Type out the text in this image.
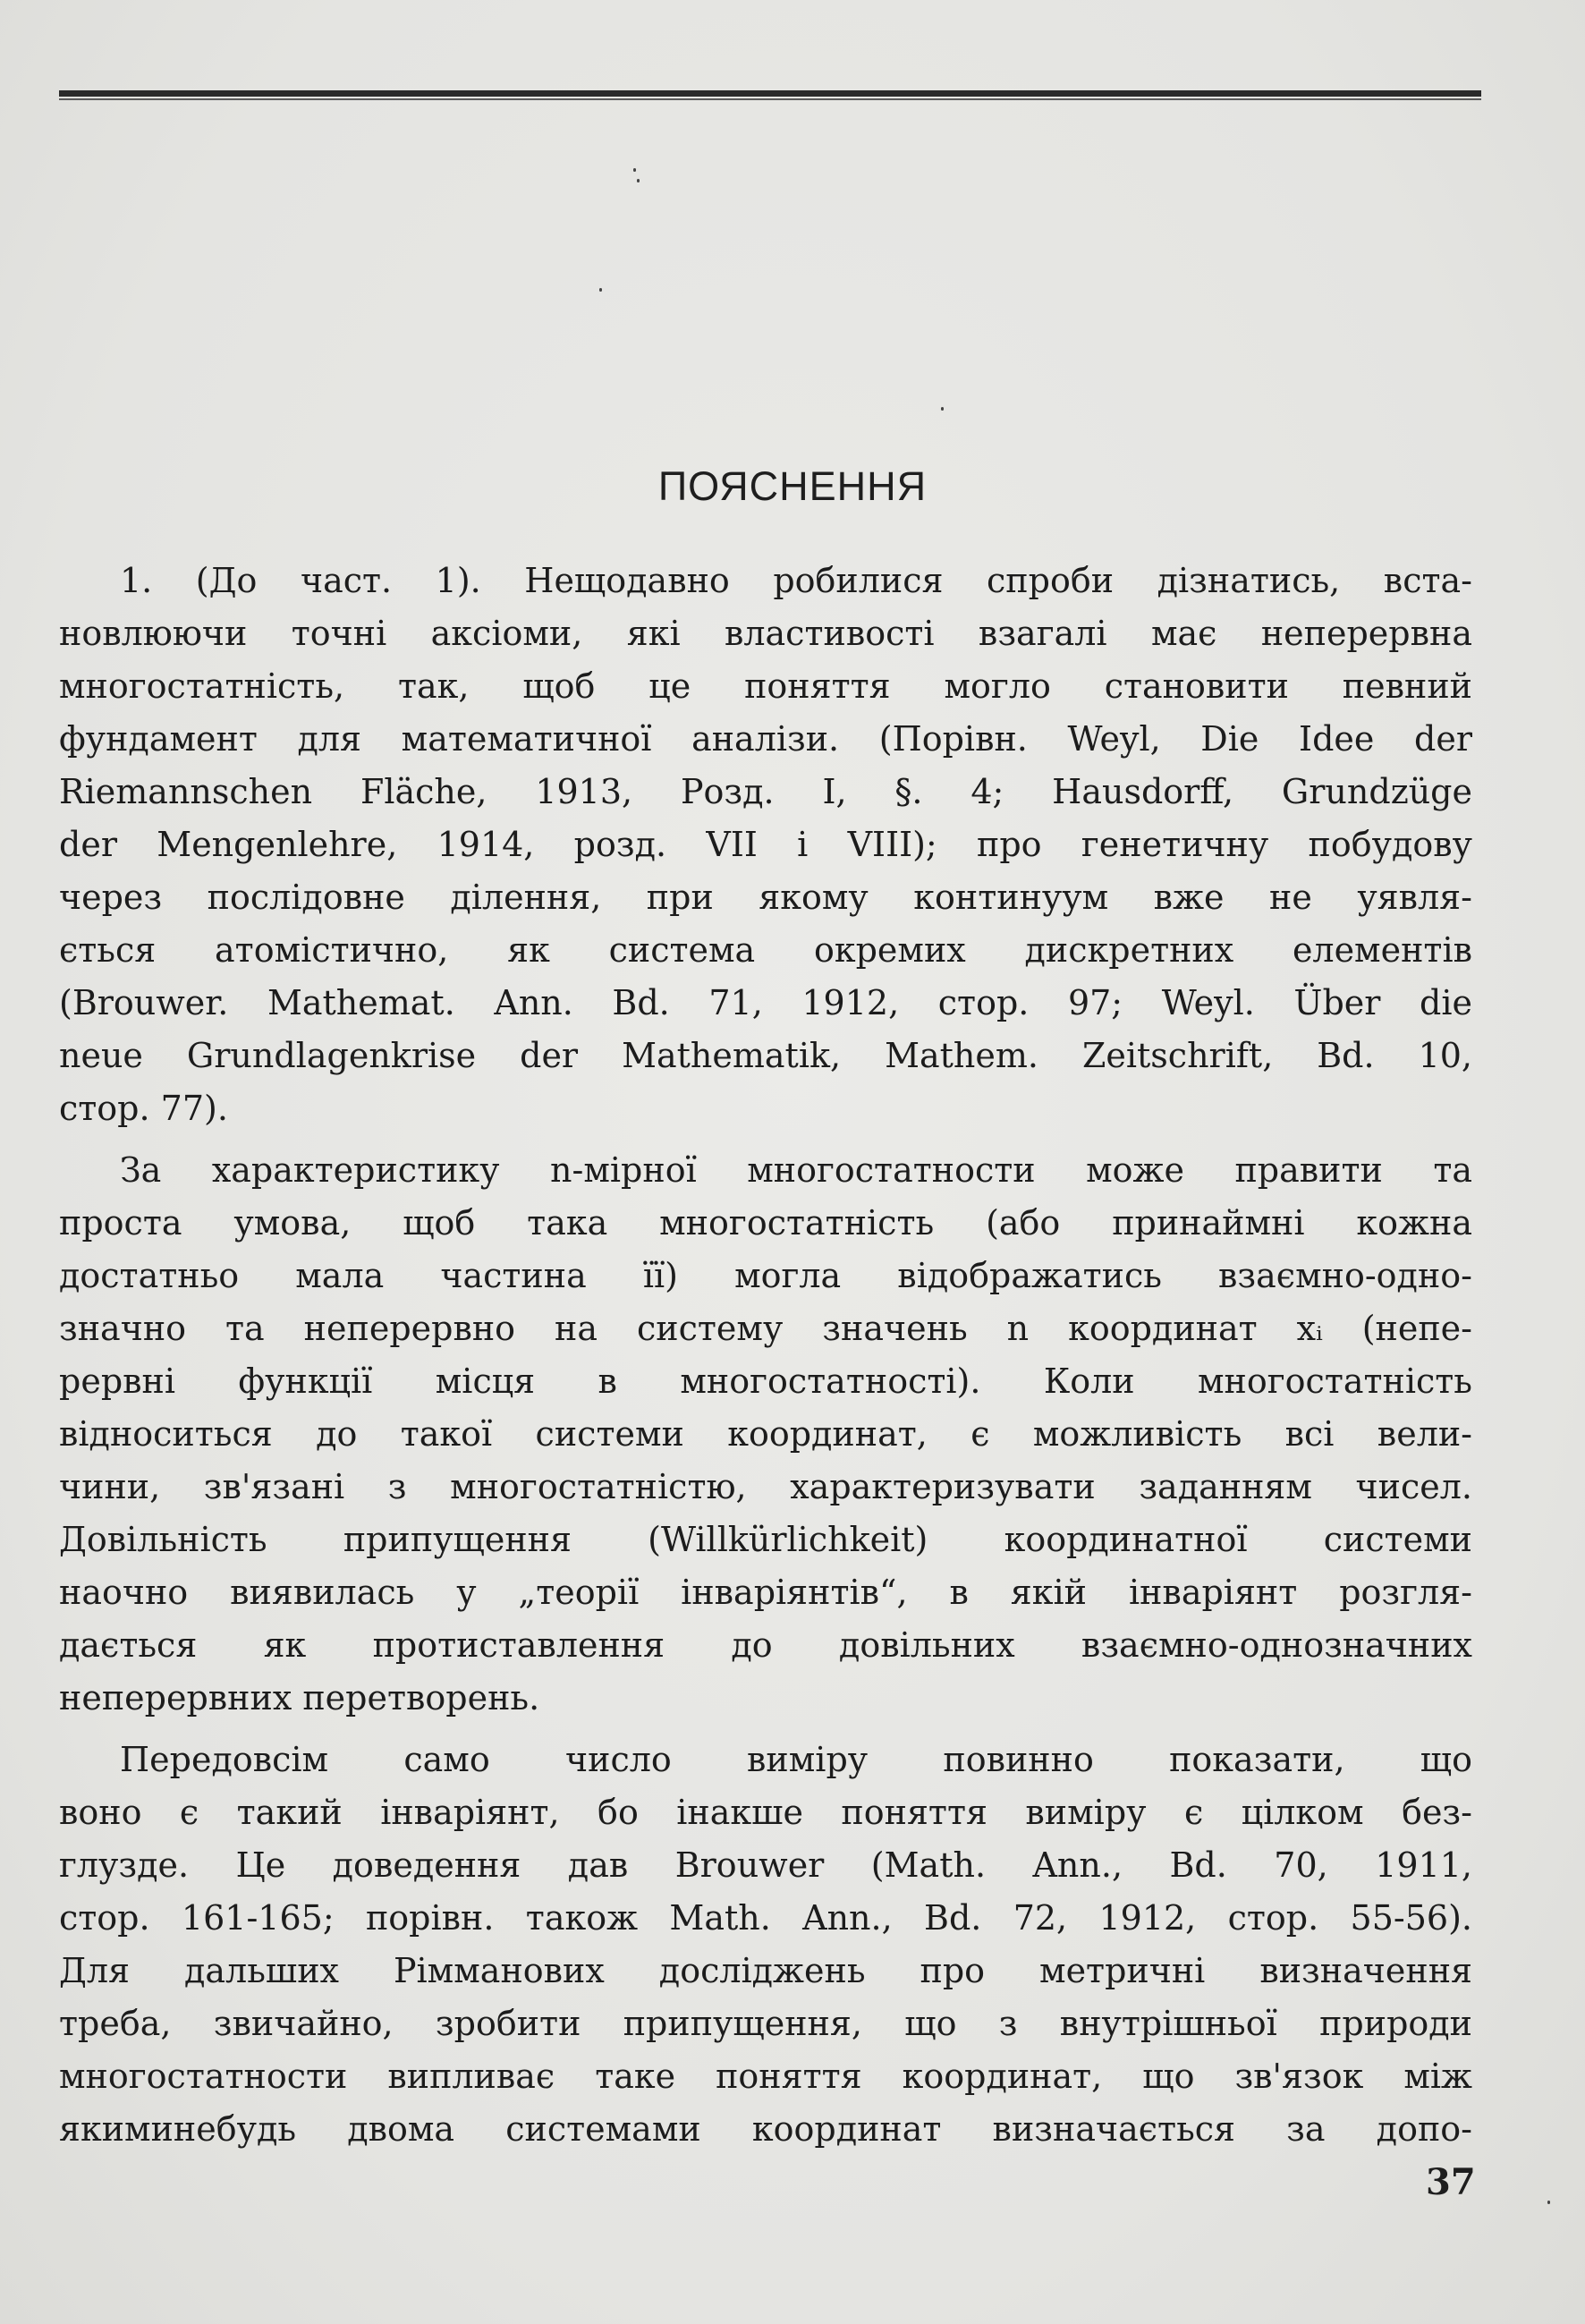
ПОЯСНЕННЯ
1. (До част. 1). Нещодавно робилися спроби дізнатись, вста-
новлюючи точні аксіоми, які властивості взагалі має неперервна
многостатність, так, щоб це поняття могло становити певний
фундамент для математичної аналізи. (Порівн. Weyl, Die Idee der
Riemannschen Fläche, 1913, Розд. I, §. 4; Hausdorff, Grundzüge
der Mengenlehre, 1914, розд. VII і VIII); про генетичну побудову
через послідовне ділення, при якому континуум вже не уявля-
ється атомістично, як система окремих дискретних елементів
(Brouwer. Mathemat. Ann. Bd. 71, 1912, стор. 97; Weyl. Über die
neue Grundlagenkrise der Mathematik, Mathem. Zeitschrift, Bd. 10,
стор. 77).
За характеристику n-мірної многостатности може правити та
проста умова, щоб така многостатність (або принаймні кожна
достатньо мала частина її) могла відображатись взаємно-одно-
значно та неперервно на систему значень n координат xᵢ (непе-
рервні функції місця в многостатності). Коли многостатність
відноситься до такої системи координат, є можливість всі вели-
чини, зв'язані з многостатністю, характеризувати заданням чисел.
Довільність припущення (Willkürlichkeit) координатної системи
наочно виявилась у „теорії інваріянтів“, в якій інваріянт розгля-
дається як протиставлення до довільних взаємно-однозначних
неперервних перетворень.
Передовсім само число виміру повинно показати, що
воно є такий інваріянт, бо інакше поняття виміру є цілком без-
глузде. Це доведення дав Brouwer (Math. Ann., Bd. 70, 1911,
стор. 161-165; порівн. також Math. Ann., Bd. 72, 1912, стор. 55-56).
Для дальших Рімманових досліджень про метричні визначення
треба, звичайно, зробити припущення, що з внутрішньої природи
многостатности випливає таке поняття координат, що зв'язок між
якиминебудь двома системами координат визначається за допо-
37
